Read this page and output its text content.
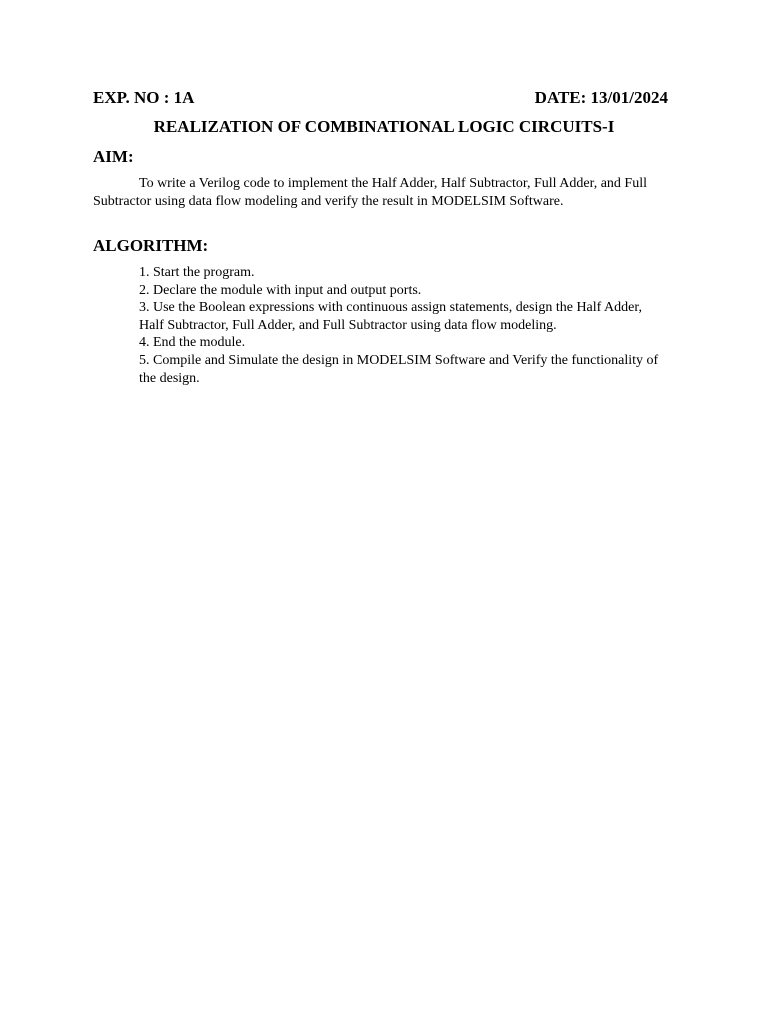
EXP. NO : 1A	DATE: 13/01/2024
REALIZATION OF COMBINATIONAL LOGIC CIRCUITS-I
AIM:
To write a Verilog code to implement the Half Adder, Half Subtractor, Full Adder, and Full Subtractor using data flow modeling and verify the result in MODELSIM Software.
ALGORITHM:
1. Start the program.
2. Declare the module with input and output ports.
3. Use the Boolean expressions with continuous assign statements, design the Half Adder, Half Subtractor, Full Adder, and Full Subtractor using data flow modeling.
4. End the module.
5. Compile and Simulate the design in MODELSIM Software and Verify the functionality of the design.
